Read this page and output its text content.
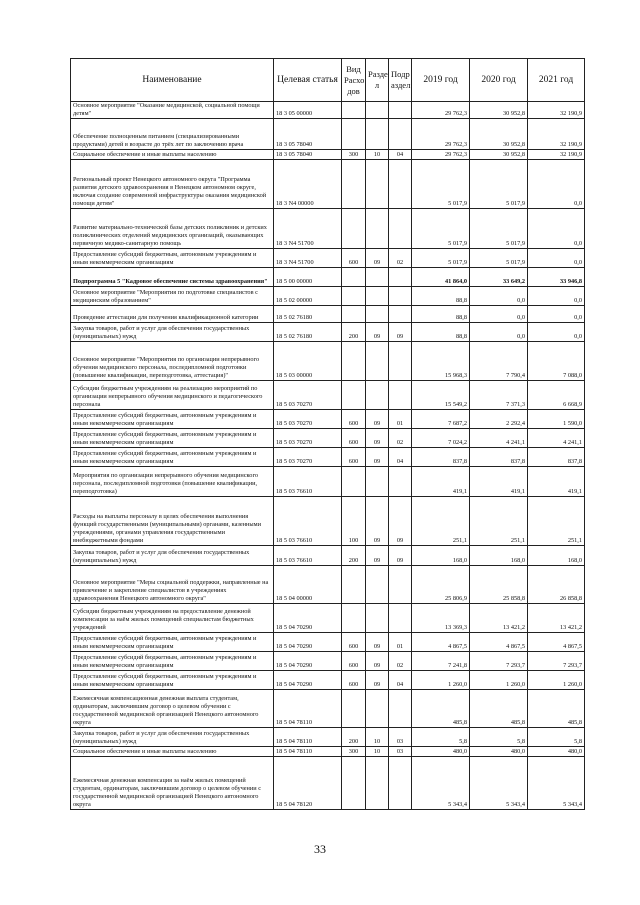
Наименование	Целевая статья	Вид Расхо дов	Разде л	Подр аздел	2019 год	2020 год	2021 год
Основное мероприятие "Оказание медицинской, социальной помощи детям"	18 3 05 00000				29 762,3	30 952,8	32 190,9
Обеспечение полноценным питанием (специализированными продуктами) детей в возрасте до трёх лет по заключению врача	18 3 05 78040				29 762,3	30 952,8	32 190,9
Социальное обеспечение и иные выплаты населению	18 3 05 78040	300	10	04	29 762,3	30 952,8	32 190,9
Региональный проект Ненецкого автономного округа "Программа развития детского здравоохранения в Ненецком автономном округе, включая создание современной инфраструктуры оказания медицинской помощи детям"	18 3 N4 00000				5 017,9	5 017,9	0,0
Развитие материально-технической базы детских поликлиник и детских поликлинических отделений медицинских организаций, оказывающих первичную медико-санитарную помощь	18 3 N4 51700				5 017,9	5 017,9	0,0
Предоставление субсидий бюджетным, автономным учреждениям и иным некоммерческим организациям	18 3 N4 51700	600	09	02	5 017,9	5 017,9	0,0
Подпрограмма 5 "Кадровое обеспечение системы здравоохранения"	18 5 00 00000				41 864,0	33 649,2	33 946,8
Основное мероприятие "Мероприятия по подготовке специалистов с медицинским образованием"	18 5 02 00000				88,8	0,0	0,0
Проведение аттестации для получения квалификационной категории	18 5 02 76180				88,8	0,0	0,0
Закупка товаров, работ и услуг для обеспечения государственных (муниципальных) нужд	18 5 02 76180	200	09	09	88,8	0,0	0,0
Основное мероприятие "Мероприятия по организации непрерывного обучения медицинского персонала, последипломной подготовки (повышение квалификации, переподготовка, аттестация)"	18 5 03 00000				15 968,3	7 790,4	7 088,0
Субсидии бюджетным учреждениям на реализацию мероприятий по организации непрерывного обучения медицинского и педагогического персонала	18 5 03 70270				15 549,2	7 371,3	6 668,9
Предоставление субсидий бюджетным, автономным учреждениям и иным некоммерческим организациям	18 5 03 70270	600	09	01	7 687,2	2 292,4	1 590,0
Предоставление субсидий бюджетным, автономным учреждениям и иным некоммерческим организациям	18 5 03 70270	600	09	02	7 024,2	4 241,1	4 241,1
Предоставление субсидий бюджетным, автономным учреждениям и иным некоммерческим организациям	18 5 03 70270	600	09	04	837,8	837,8	837,8
Мероприятия по организации непрерывного обучения медицинского персонала, последипломной подготовки (повышение квалификации, переподготовка)	18 5 03 76610				419,1	419,1	419,1
Расходы на выплаты персоналу в целях обеспечения выполнения функций государственными (муниципальными) органами, казенными учреждениями, органами управления государственными внебюджетными фондами	18 5 03 76610	100	09	09	251,1	251,1	251,1
Закупка товаров, работ и услуг для обеспечения государственных (муниципальных) нужд	18 5 03 76610	200	09	09	168,0	168,0	168,0
Основное мероприятие "Меры социальной поддержки, направленные на привлечение и закрепление специалистов в учреждениях здравоохранения Ненецкого автономного округа"	18 5 04 00000				25 806,9	25 858,8	26 858,8
Субсидии бюджетным учреждениям на предоставление денежной компенсации за наём жилых помещений специалистам бюджетных учреждений	18 5 04 70290				13 369,3	13 421,2	13 421,2
Предоставление субсидий бюджетным, автономным учреждениям и иным некоммерческим организациям	18 5 04 70290	600	09	01	4 867,5	4 867,5	4 867,5
Предоставление субсидий бюджетным, автономным учреждениям и иным некоммерческим организациям	18 5 04 70290	600	09	02	7 241,8	7 293,7	7 293,7
Предоставление субсидий бюджетным, автономным учреждениям и иным некоммерческим организациям	18 5 04 70290	600	09	04	1 260,0	1 260,0	1 260,0
Ежемесячная компенсационная денежная выплата студентам, ординаторам, заключившим договор о целевом обучении с государственной медицинской организацией Ненецкого автономного округа	18 5 04 78110				485,8	485,8	485,8
Закупка товаров, работ и услуг для обеспечения государственных (муниципальных) нужд	18 5 04 78110	200	10	03	5,8	5,8	5,8
Социальное обеспечение и иные выплаты населению	18 5 04 78110	300	10	03	480,0	480,0	480,0
Ежемесячная денежная компенсация за наём жилых помещений студентам, ординаторам, заключившим договор о целевом обучении с государственной медицинской организацией Ненецкого автономного округа	18 5 04 78120				5 343,4	5 343,4	5 343,4
33
